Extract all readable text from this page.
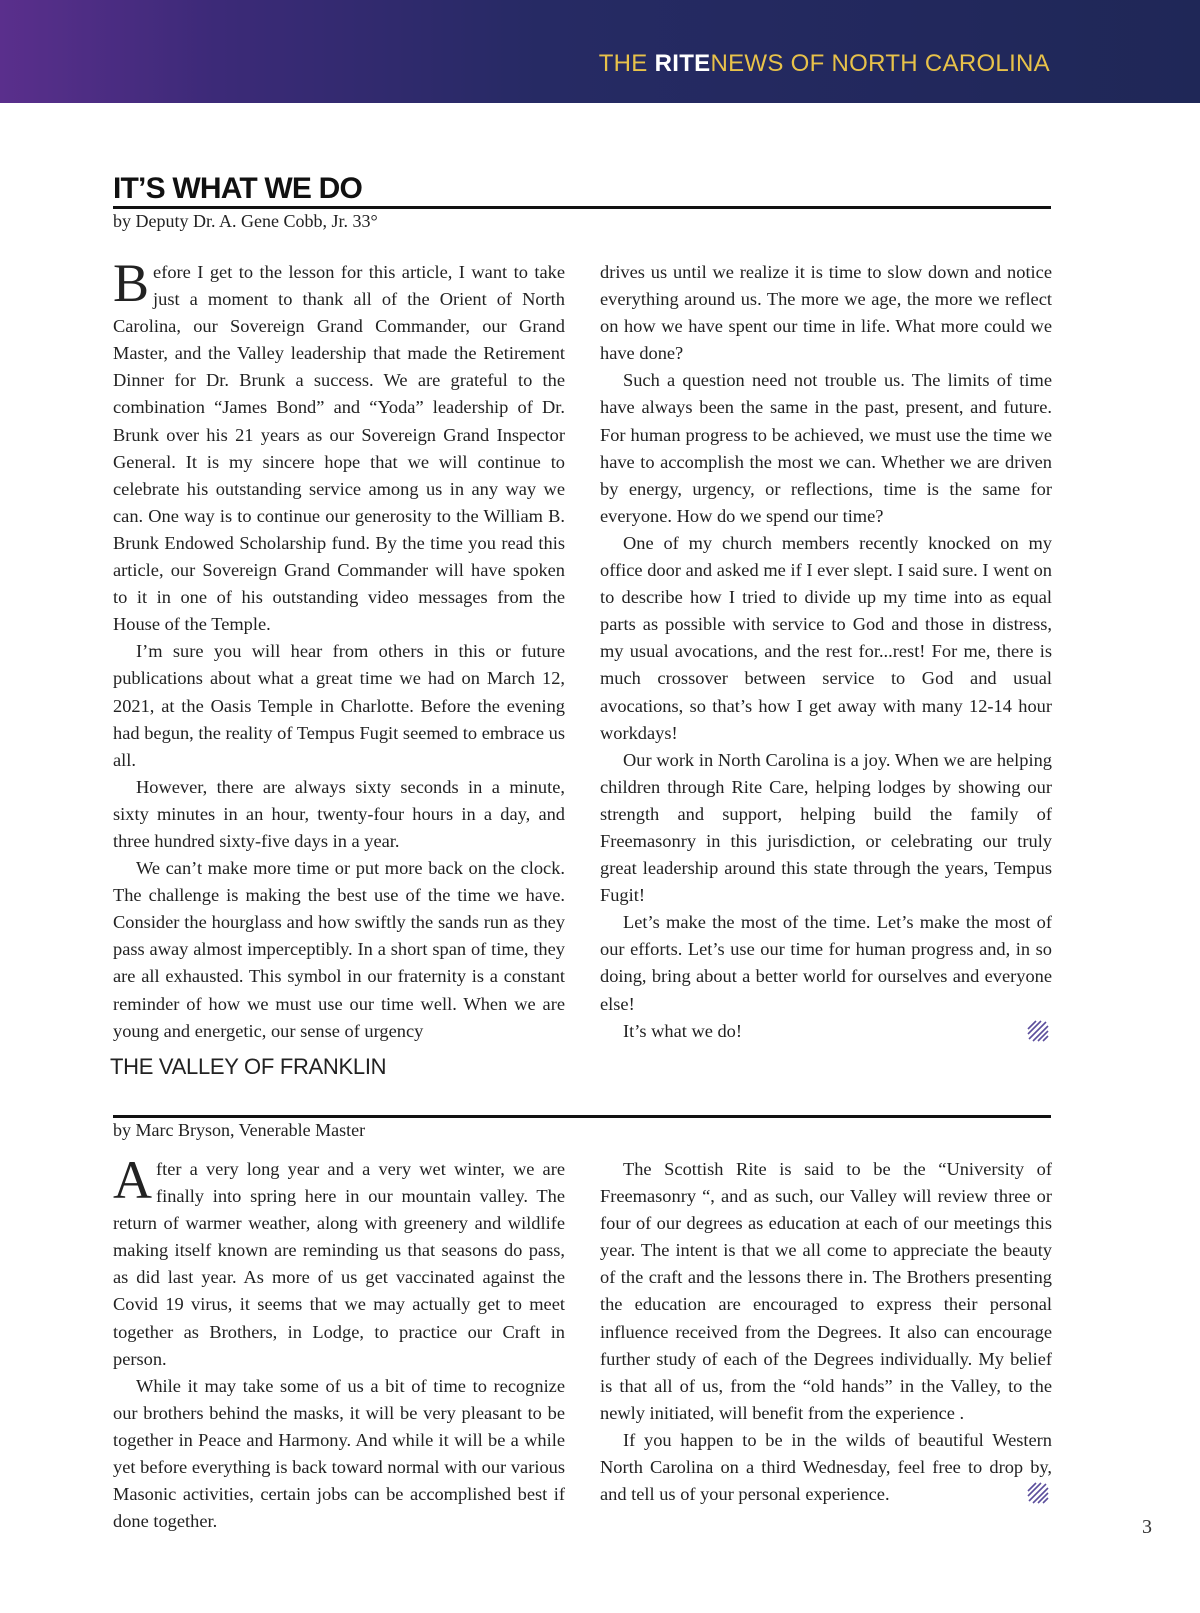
THE RITENEWS OF NORTH CAROLINA
IT’S WHAT WE DO
by Deputy Dr. A. Gene Cobb, Jr. 33°

Before I get to the lesson for this article, I want to take just a moment to thank all of the Orient of North Carolina, our Sovereign Grand Commander, our Grand Master, and the Valley leadership that made the Retirement Dinner for Dr. Brunk a success. We are grateful to the combination “James Bond” and “Yoda” leadership of Dr. Brunk over his 21 years as our Sovereign Grand Inspector General. It is my sincere hope that we will continue to celebrate his outstanding service among us in any way we can. One way is to continue our generosity to the William B. Brunk Endowed Scholarship fund. By the time you read this article, our Sovereign Grand Commander will have spoken to it in one of his outstanding video messages from the House of the Temple.

I’m sure you will hear from others in this or future publications about what a great time we had on March 12, 2021, at the Oasis Temple in Charlotte. Before the evening had begun, the reality of Tempus Fugit seemed to embrace us all.

However, there are always sixty seconds in a minute, sixty minutes in an hour, twenty-four hours in a day, and three hundred sixty-five days in a year.

We can’t make more time or put more back on the clock. The challenge is making the best use of the time we have. Consider the hourglass and how swiftly the sands run as they pass away almost imperceptibly. In a short span of time, they are all exhausted. This symbol in our fraternity is a constant reminder of how we must use our time well. When we are young and energetic, our sense of urgency

drives us until we realize it is time to slow down and notice everything around us. The more we age, the more we reflect on how we have spent our time in life. What more could we have done?

Such a question need not trouble us. The limits of time have always been the same in the past, present, and future. For human progress to be achieved, we must use the time we have to accomplish the most we can. Whether we are driven by energy, urgency, or reflections, time is the same for everyone. How do we spend our time?

One of my church members recently knocked on my office door and asked me if I ever slept. I said sure. I went on to describe how I tried to divide up my time into as equal parts as possible with service to God and those in distress, my usual avocations, and the rest for...rest! For me, there is much crossover between service to God and usual avocations, so that’s how I get away with many 12-14 hour workdays!

Our work in North Carolina is a joy. When we are helping children through Rite Care, helping lodges by showing our strength and support, helping build the family of Freemasonry in this jurisdiction, or celebrating our truly great leadership around this state through the years, Tempus Fugit!

Let’s make the most of the time. Let’s make the most of our efforts. Let’s use our time for human progress and, in so doing, bring about a better world for ourselves and everyone else!

It’s what we do!

THE VALLEY OF FRANKLIN
by Marc Bryson, Venerable Master

After a very long year and a very wet winter, we are finally into spring here in our mountain valley. The return of warmer weather, along with greenery and wildlife making itself known are reminding us that seasons do pass, as did last year. As more of us get vaccinated against the Covid 19 virus, it seems that we may actually get to meet together as Brothers, in Lodge, to practice our Craft in person.

While it may take some of us a bit of time to recognize our brothers behind the masks, it will be very pleasant to be together in Peace and Harmony. And while it will be a while yet before everything is back toward normal with our various Masonic activities, certain jobs can be accomplished best if done together.

The Scottish Rite is said to be the “University of Freemasonry “, and as such, our Valley will review three or four of our degrees as education at each of our meetings this year. The intent is that we all come to appreciate the beauty of the craft and the lessons there in. The Brothers presenting the education are encouraged to express their personal influence received from the Degrees. It also can encourage further study of each of the Degrees individually. My belief is that all of us, from the “old hands” in the Valley, to the newly initiated, will benefit from the experience .

If you happen to be in the wilds of beautiful Western North Carolina on a third Wednesday, feel free to drop by, and tell us of your personal experience.

3
